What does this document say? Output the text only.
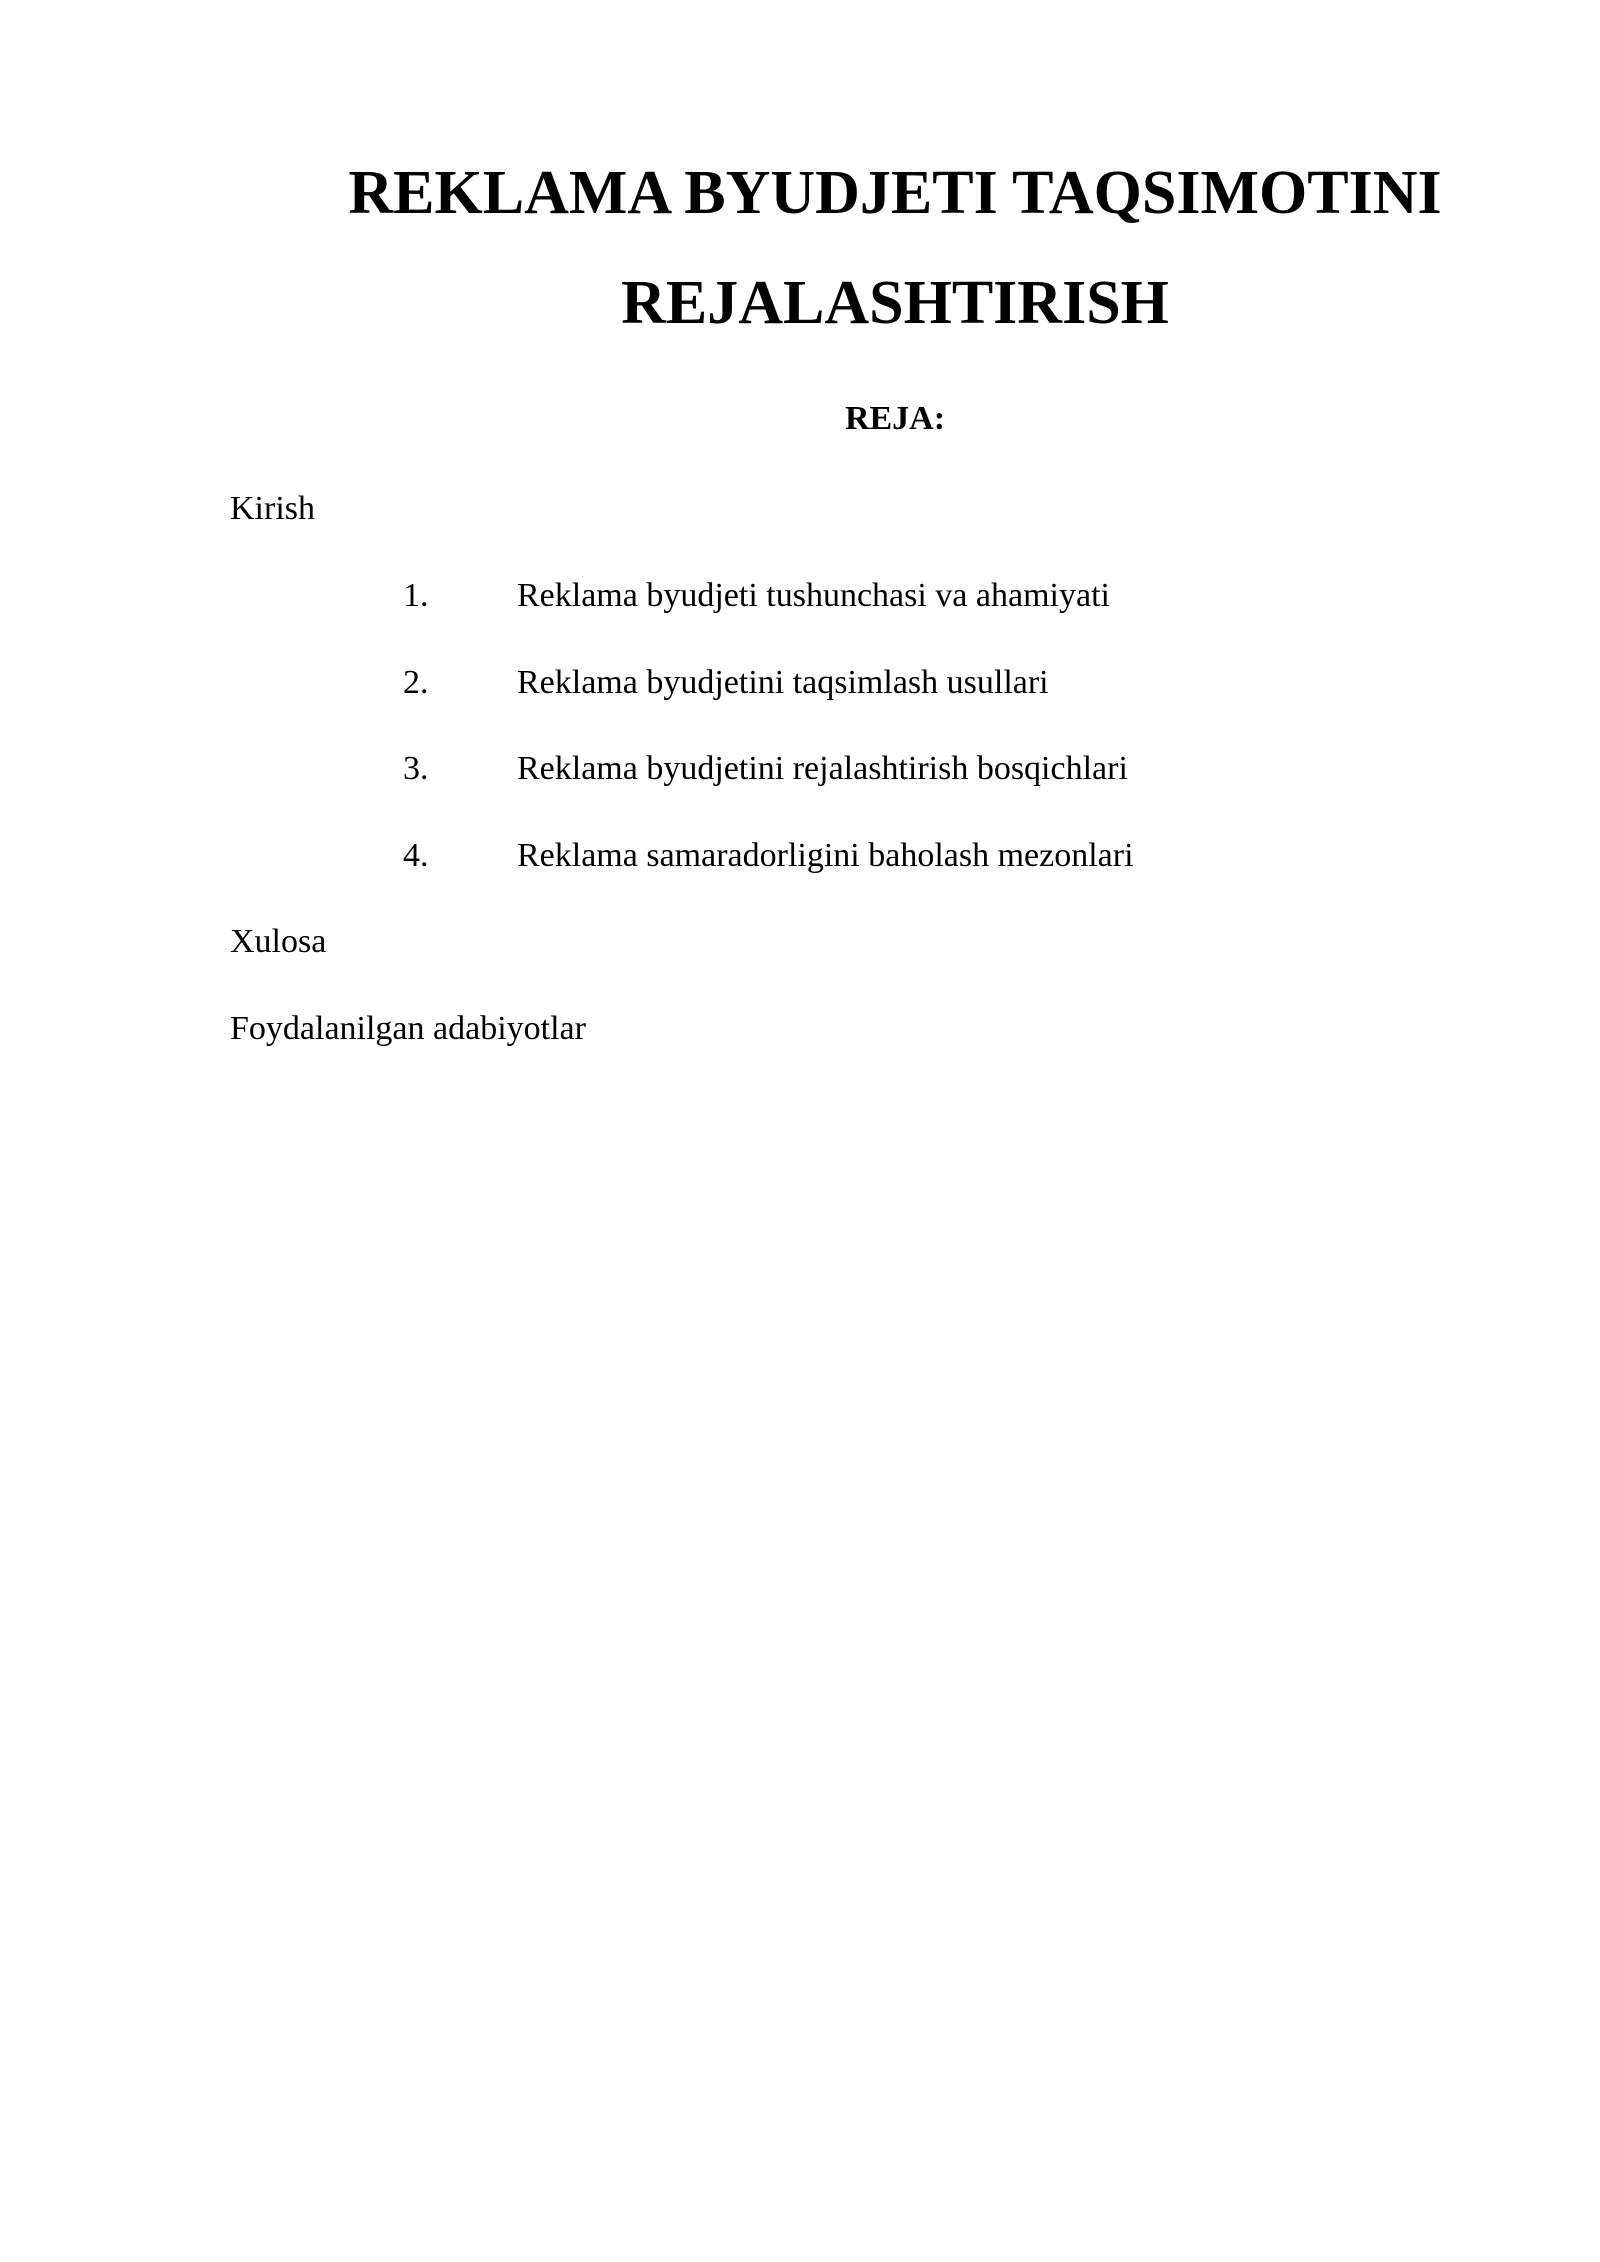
REKLAMA BYUDJETI TAQSIMOTINI
REJALASHTIRISH
REJA:
Kirish
1.	Reklama byudjeti tushunchasi va ahamiyati
2.	Reklama byudjetini taqsimlash usullari
3.	Reklama byudjetini rejalashtirish bosqichlari
4.	Reklama samaradorligini baholash mezonlari
Xulosa
Foydalanilgan adabiyotlar
